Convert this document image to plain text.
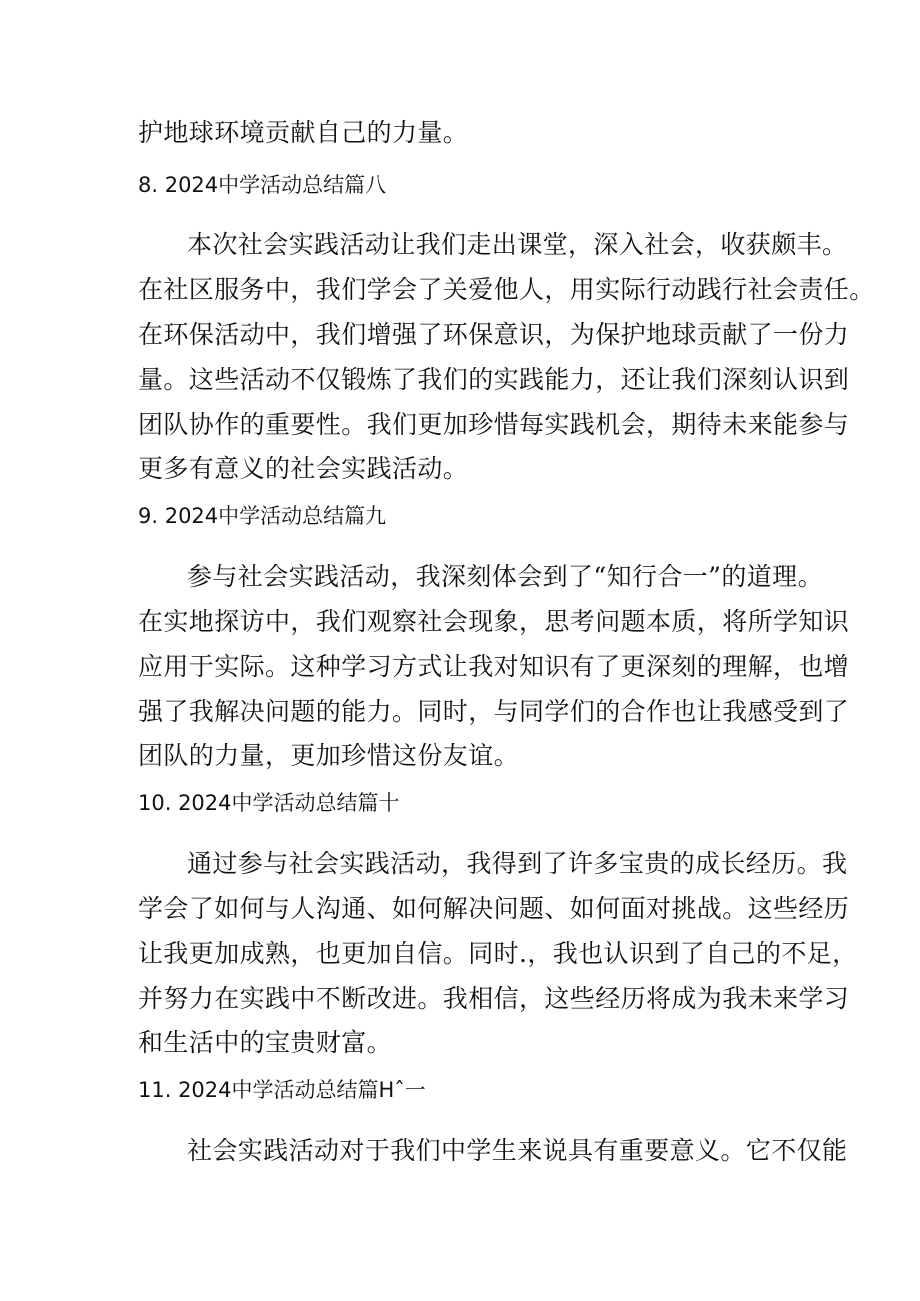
护地球环境贡献自己的力量。
8. 2024中学活动总结篇八
本次社会实践活动让我们走出课堂，深入社会，收获颇丰。
在社区服务中，我们学会了关爱他人，用实际行动践行社会责任。
在环保活动中，我们增强了环保意识，为保护地球贡献了一份力
量。这些活动不仅锻炼了我们的实践能力，还让我们深刻认识到
团队协作的重要性。我们更加珍惜每实践机会，期待未来能参与
更多有意义的社会实践活动。
9. 2024中学活动总结篇九
参与社会实践活动，我深刻体会到了“知行合一”的道理。
在实地探访中，我们观察社会现象，思考问题本质，将所学知识
应用于实际。这种学习方式让我对知识有了更深刻的理解，也增
强了我解决问题的能力。同时，与同学们的合作也让我感受到了
团队的力量，更加珍惜这份友谊。
10. 2024中学活动总结篇十
通过参与社会实践活动，我得到了许多宝贵的成长经历。我
学会了如何与人沟通、如何解决问题、如何面对挑战。这些经历
让我更加成熟，也更加自信。同时.，我也认识到了自己的不足，
并努力在实践中不断改进。我相信，这些经历将成为我未来学习
和生活中的宝贵财富。
11. 2024中学活动总结篇Hˆ一
社会实践活动对于我们中学生来说具有重要意义。它不仅能
